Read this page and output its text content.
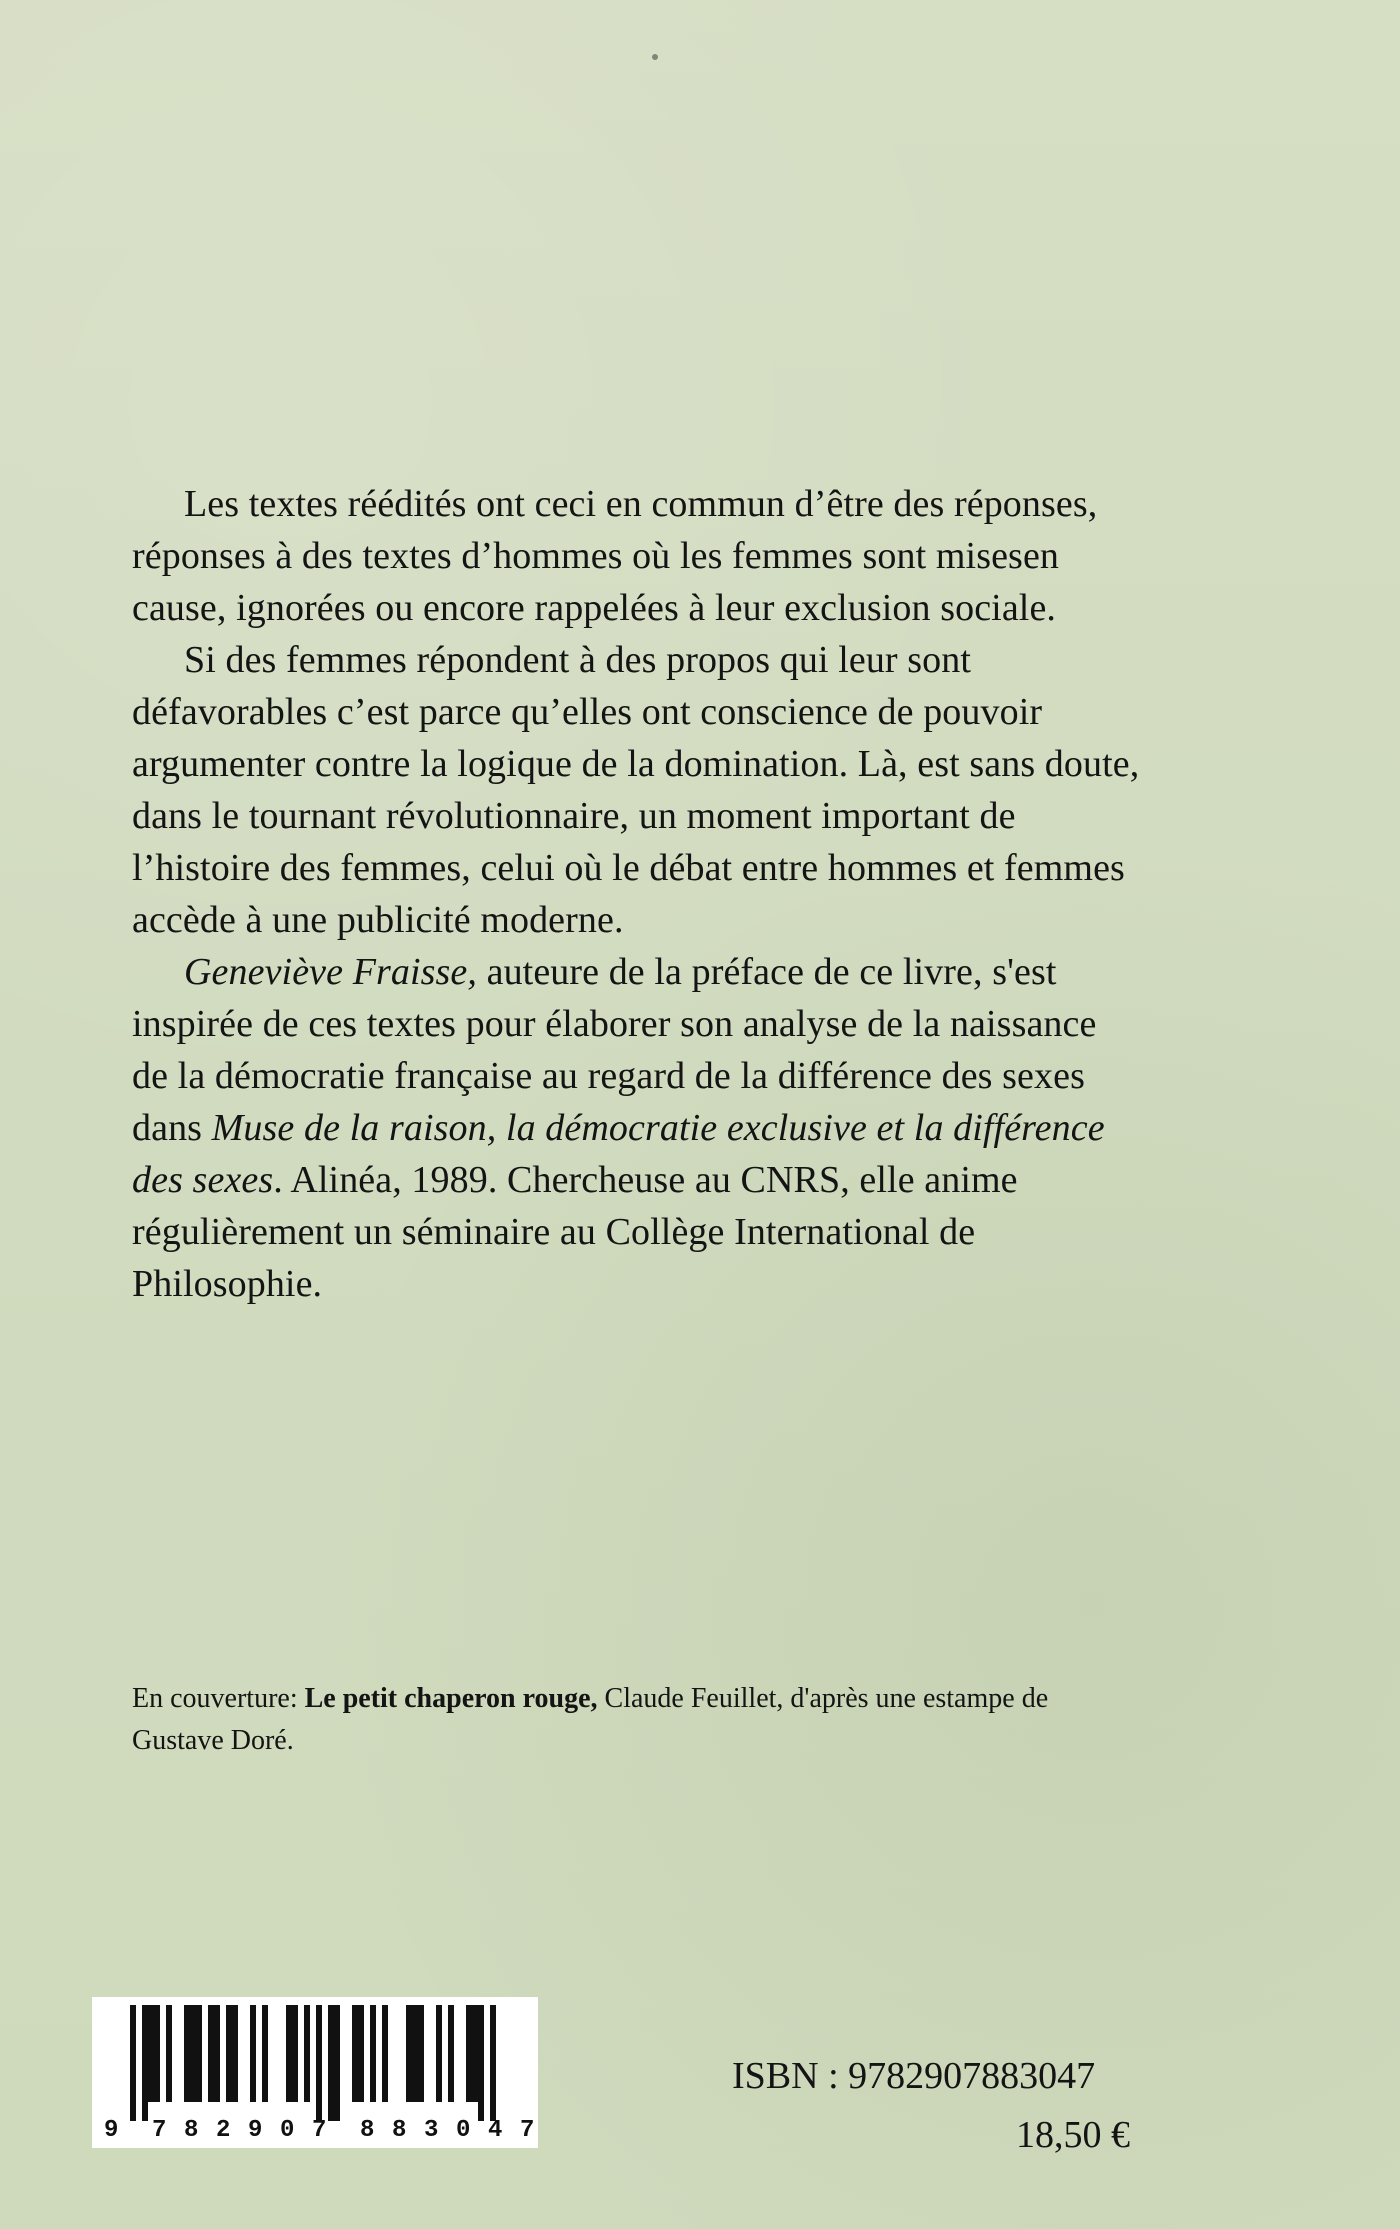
Les textes réédités ont ceci en commun d’être des réponses, réponses à des textes d’hommes où les femmes sont misesen cause, ignorées ou encore rappelées à leur exclusion sociale.

Si des femmes répondent à des propos qui leur sont défavorables c’est parce qu’elles ont conscience de pouvoir argumenter contre la logique de la domination. Là, est sans doute, dans le tournant révolutionnaire, un moment important de l’histoire des femmes, celui où le débat entre hommes et femmes accède à une publicité moderne.

Geneviève Fraisse, auteure de la préface de ce livre, s'est inspirée de ces textes pour élaborer son analyse de la naissance de la démocratie française au regard de la différence des sexes dans Muse de la raison, la démocratie exclusive et la différence des sexes. Alinéa, 1989. Chercheuse au CNRS, elle anime régulièrement un séminaire au Collège International de Philosophie.

En couverture: Le petit chaperon rouge, Claude Feuillet, d'après une estampe de Gustave Doré.

9 7 8 2 9 0 7 8 8 3 0 4 7

ISBN : 9782907883047

18,50 €
